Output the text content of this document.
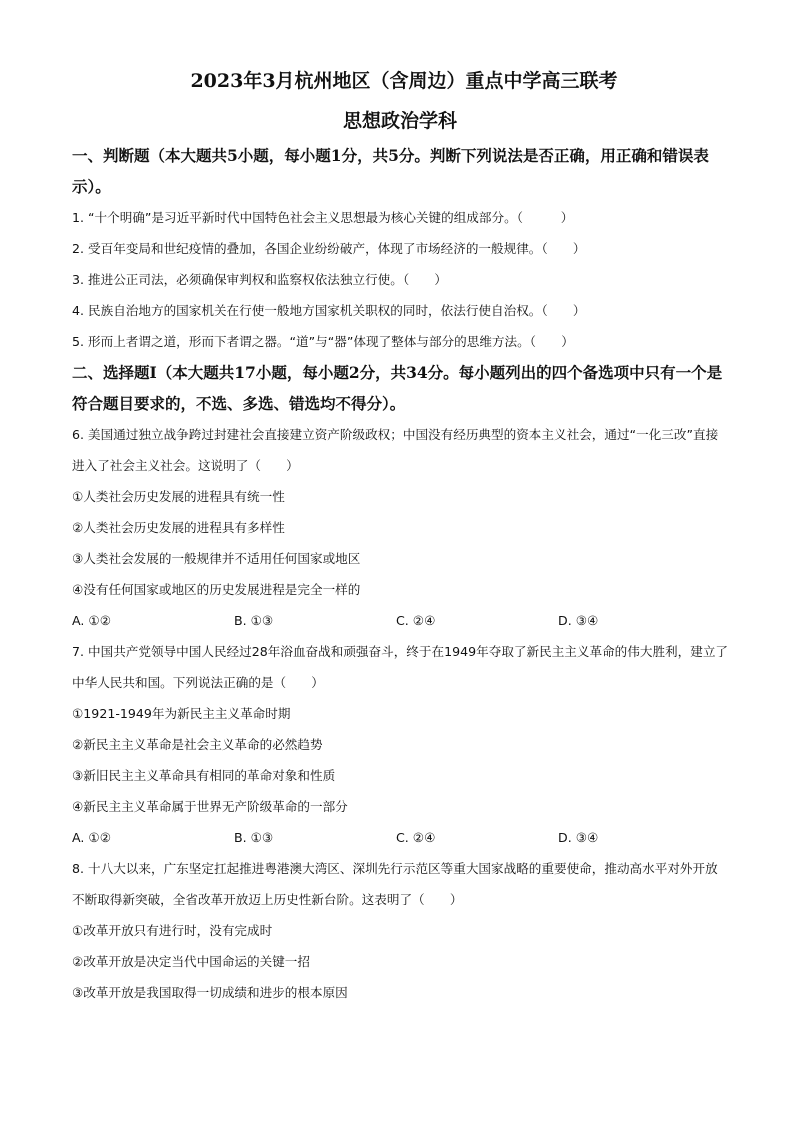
2023年3月杭州地区（含周边）重点中学高三联考
思想政治学科

一、判断题（本大题共5小题，每小题1分，共5分。判断下列说法是否正确，用正确和错误表示）。

1. “十个明确”是习近平新时代中国特色社会主义思想最为核心关键的组成部分。（　　　）

2. 受百年变局和世纪疫情的叠加，各国企业纷纷破产，体现了市场经济的一般规律。（　　）

3. 推进公正司法，必须确保审判权和监察权依法独立行使。（　　）

4. 民族自治地方的国家机关在行使一般地方国家机关职权的同时，依法行使自治权。（　　）

5. 形而上者谓之道，形而下者谓之器。“道”与“器”体现了整体与部分的思维方法。（　　）

二、选择题Ⅰ（本大题共17小题，每小题2分，共34分。每小题列出的四个备选项中只有一个是符合题目要求的，不选、多选、错选均不得分）。

6. 美国通过独立战争跨过封建社会直接建立资产阶级政权；中国没有经历典型的资本主义社会，通过“一化三改”直接进入了社会主义社会。这说明了（　　）

①人类社会历史发展的进程具有统一性

②人类社会历史发展的进程具有多样性

③人类社会发展的一般规律并不适用任何国家或地区

④没有任何国家或地区的历史发展进程是完全一样的

A. ①②	B. ①③	C. ②④	D. ③④

7. 中国共产党领导中国人民经过28年浴血奋战和顽强奋斗，终于在1949年夺取了新民主主义革命的伟大胜利，建立了中华人民共和国。下列说法正确的是（　　）

①1921-1949年为新民主主义革命时期

②新民主主义革命是社会主义革命的必然趋势

③新旧民主主义革命具有相同的革命对象和性质

④新民主主义革命属于世界无产阶级革命的一部分

A. ①②	B. ①③	C. ②④	D. ③④

8. 十八大以来，广东坚定扛起推进粤港澳大湾区、深圳先行示范区等重大国家战略的重要使命，推动高水平对外开放不断取得新突破，全省改革开放迈上历史性新台阶。这表明了（　　）

①改革开放只有进行时，没有完成时

②改革开放是决定当代中国命运的关键一招

③改革开放是我国取得一切成绩和进步的根本原因
